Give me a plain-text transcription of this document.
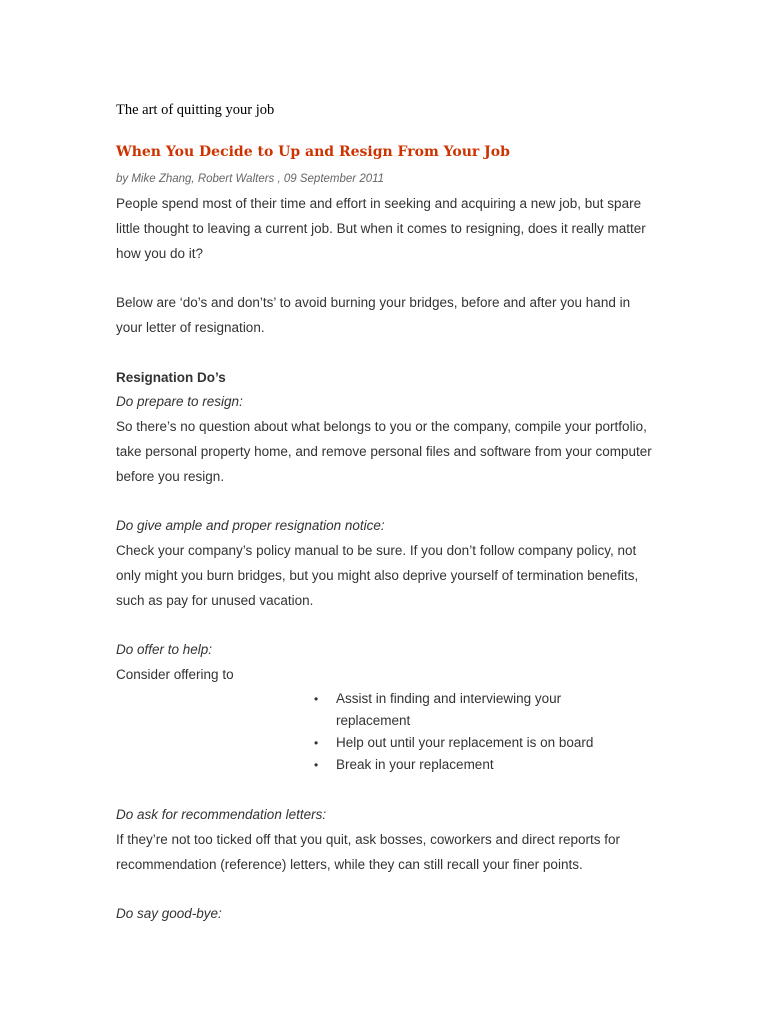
The art of quitting your job
When You Decide to Up and Resign From Your Job
by Mike Zhang, Robert Walters , 09 September 2011

People spend most of their time and effort in seeking and acquiring a new job, but spare little thought to leaving a current job. But when it comes to resigning, does it really matter how you do it?

Below are ‘do’s and don’ts’ to avoid burning your bridges, before and after you hand in your letter of resignation.

Resignation Do’s

Do prepare to resign:

So there’s no question about what belongs to you or the company, compile your portfolio, take personal property home, and remove personal files and software from your computer before you resign.

Do give ample and proper resignation notice:

Check your company’s policy manual to be sure. If you don’t follow company policy, not only might you burn bridges, but you might also deprive yourself of termination benefits, such as pay for unused vacation.

Do offer to help:

Consider offering to

• Assist in finding and interviewing your replacement
• Help out until your replacement is on board
• Break in your replacement

Do ask for recommendation letters:

If they’re not too ticked off that you quit, ask bosses, coworkers and direct reports for recommendation (reference) letters, while they can still recall your finer points.

Do say good-bye:
